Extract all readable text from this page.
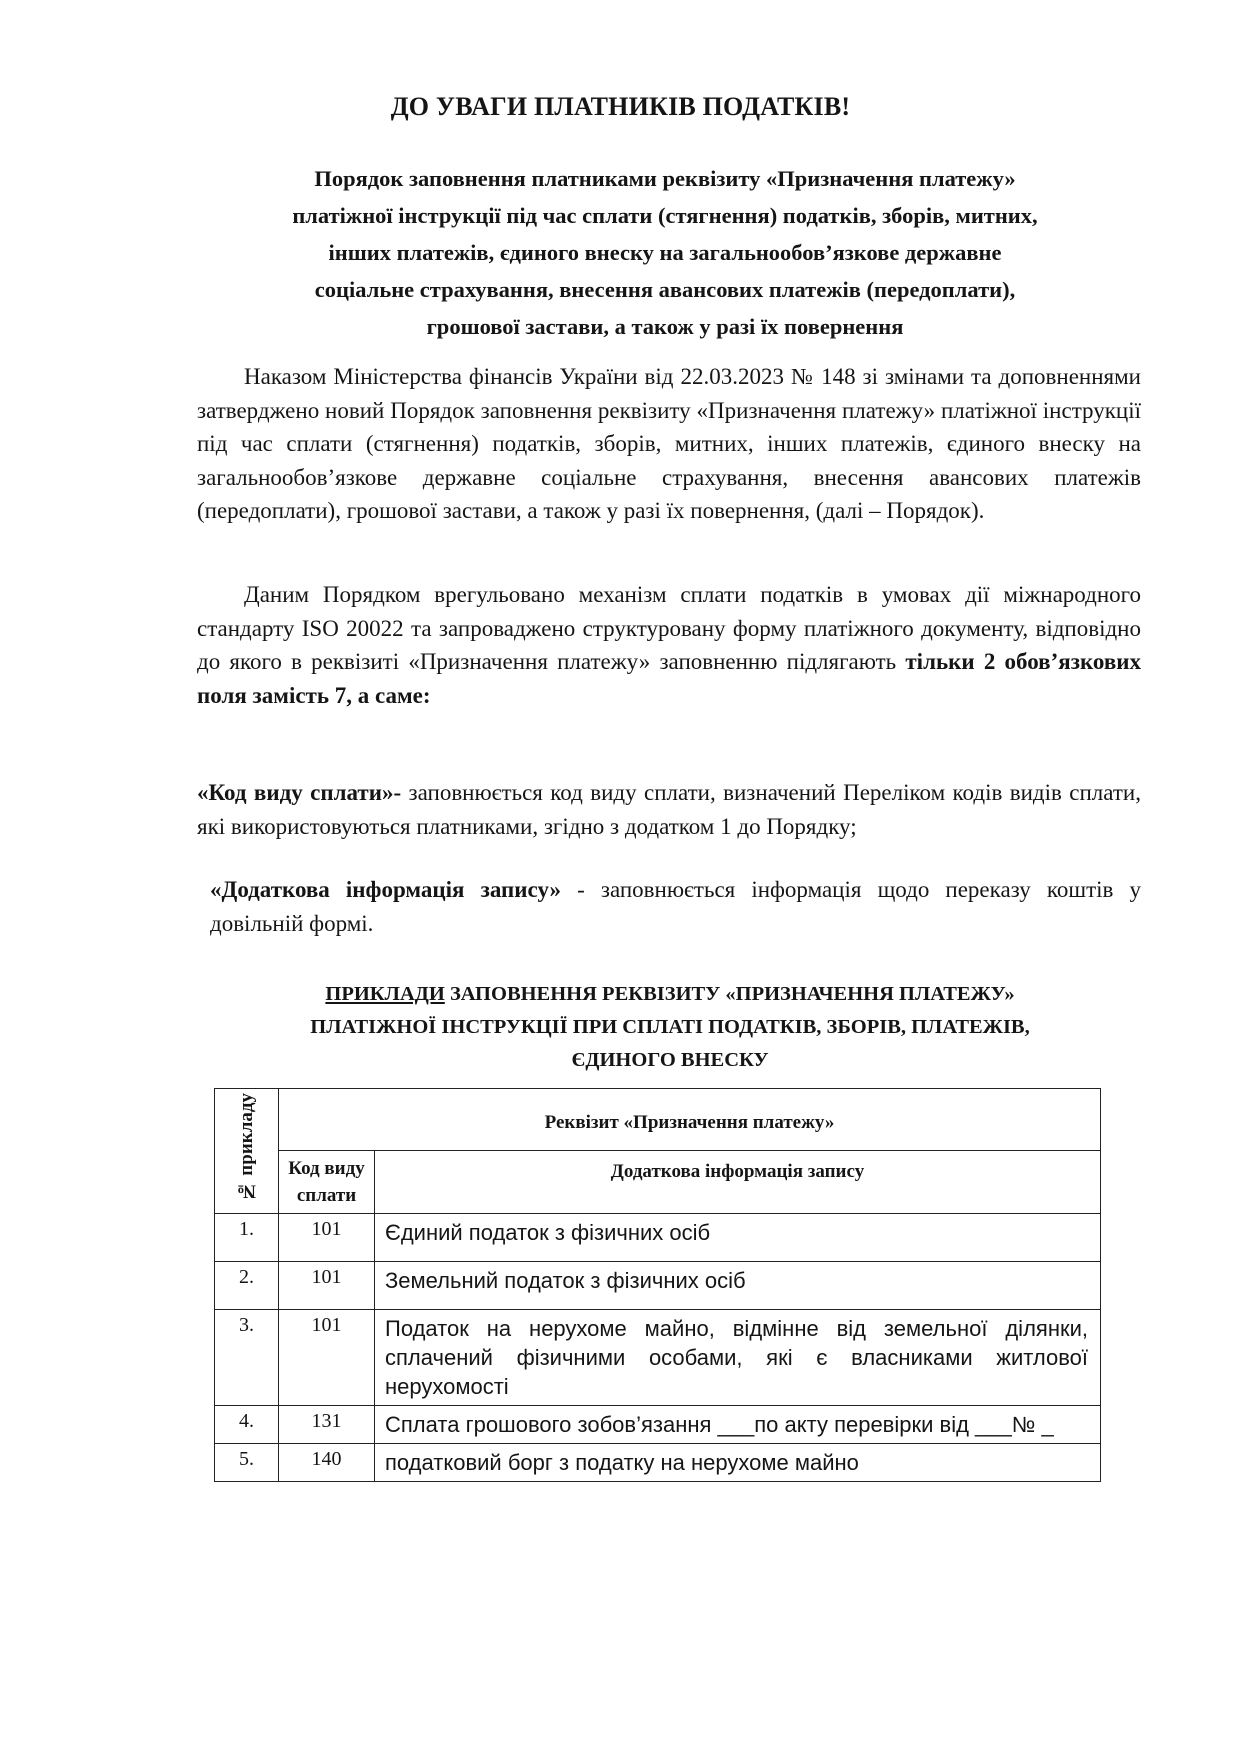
ДО УВАГИ ПЛАТНИКІВ ПОДАТКІВ!
Порядок заповнення платниками реквізиту «Призначення платежу»
платіжної інструкції під час сплати (стягнення) податків, зборів, митних,
інших платежів, єдиного внеску на загальнообов’язкове державне
соціальне страхування, внесення авансових платежів (передоплати),
грошової застави, а також у разі їх повернення
Наказом Міністерства фінансів України від 22.03.2023 № 148 зі змінами та доповненнями затверджено новий Порядок заповнення реквізиту «Призначення платежу» платіжної інструкції під час сплати (стягнення) податків, зборів, митних, інших платежів, єдиного внеску на загальнообов’язкове державне соціальне страхування, внесення авансових платежів (передоплати), грошової застави, а також у разі їх повернення, (далі – Порядок).
Даним Порядком врегульовано механізм сплати податків в умовах дії міжнародного стандарту ISO 20022 та запроваджено структуровану форму платіжного документу, відповідно до якого в реквізиті «Призначення платежу» заповненню підлягають тільки 2 обов’язкових поля замість 7, а саме:
«Код виду сплати»- заповнюється код виду сплати, визначений Переліком кодів видів сплати, які використовуються платниками, згідно з додатком 1 до Порядку;
«Додаткова інформація запису» - заповнюється інформація щодо переказу коштів у довільній формі.
ПРИКЛАДИ ЗАПОВНЕННЯ РЕКВІЗИТУ «ПРИЗНАЧЕННЯ ПЛАТЕЖУ»
ПЛАТІЖНОЇ ІНСТРУКЦІЇ ПРИ СПЛАТІ ПОДАТКІВ, ЗБОРІВ, ПЛАТЕЖІВ,
ЄДИНОГО ВНЕСКУ
№ прикладу	Реквізит «Призначення платежу»	
	Код виду сплати	Додаткова інформація запису
1.	101	Єдиний податок з фізичних осіб
2.	101	Земельний податок з фізичних осіб
3.	101	Податок на нерухоме майно, відмінне від земельної ділянки, сплачений фізичними особами, які є власниками житлової нерухомості
4.	131	Сплата грошового зобов’язання ___по акту перевірки від ___№ _
5.	140	податковий борг з податку на нерухоме майно
